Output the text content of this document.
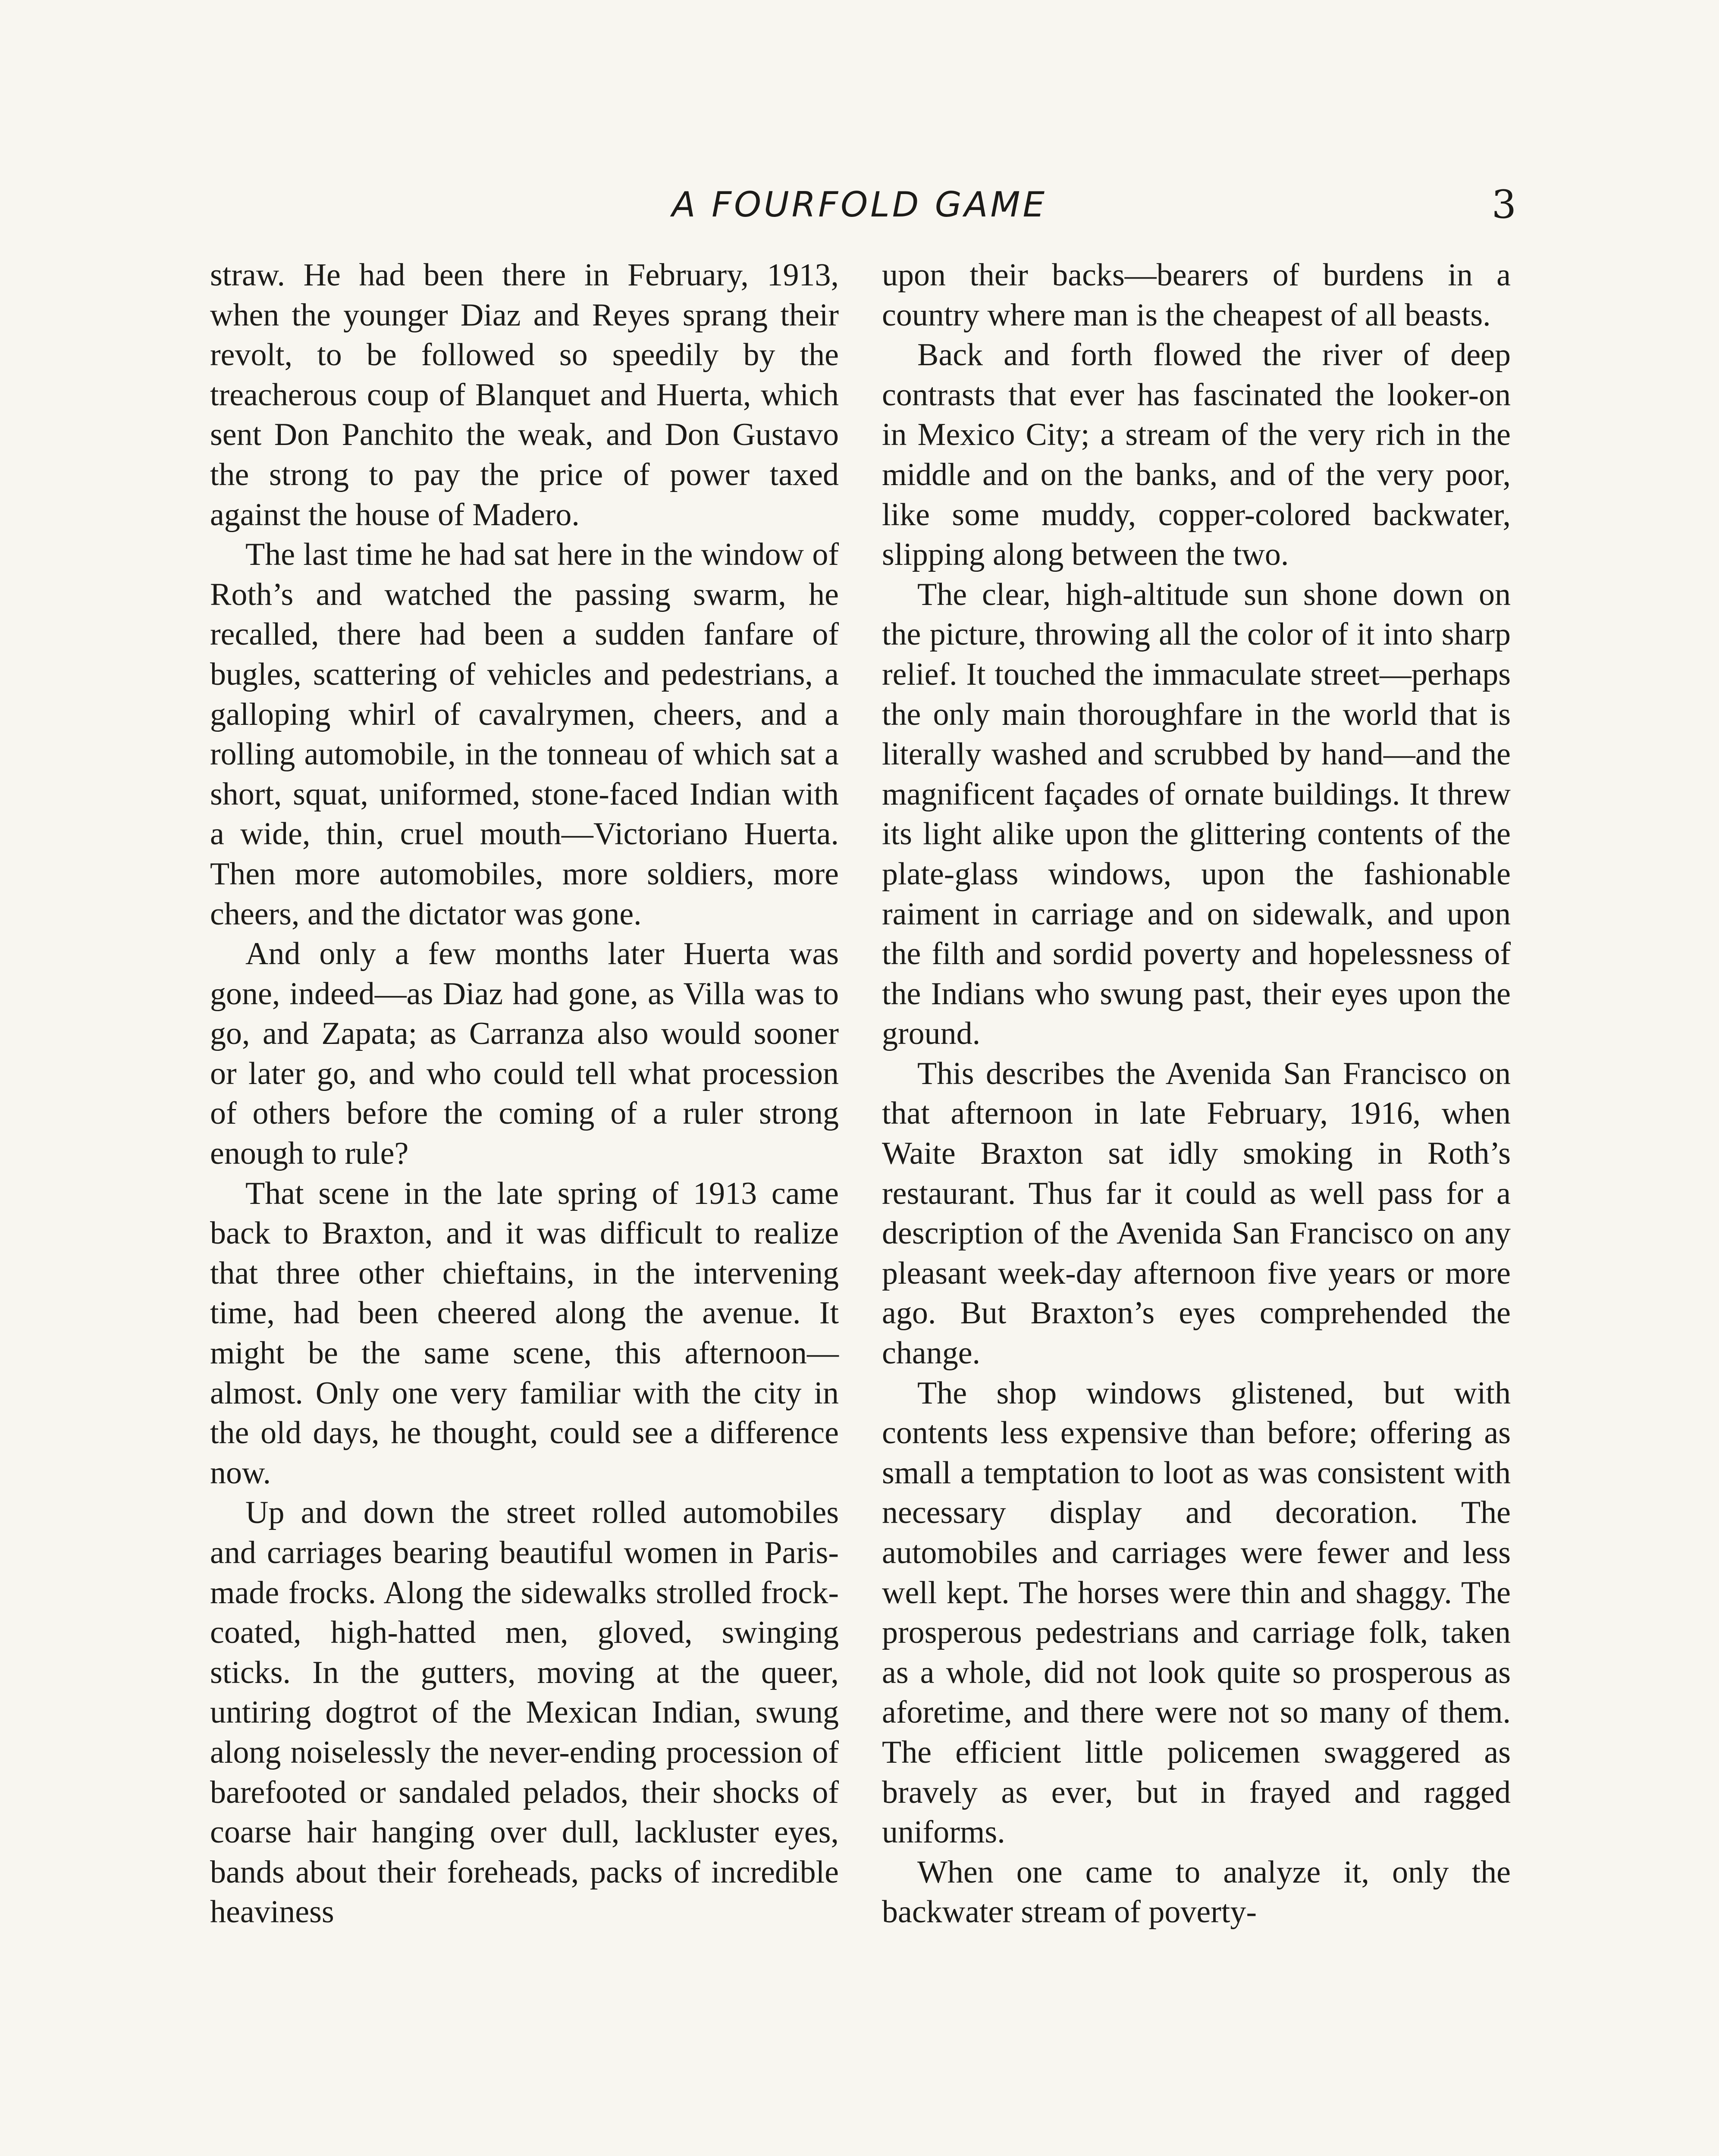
A FOURFOLD GAME	3

straw. He had been there in February, 1913, when the younger Diaz and Reyes sprang their revolt, to be followed so speedily by the treacherous coup of Blanquet and Huerta, which sent Don Panchito the weak, and Don Gustavo the strong to pay the price of power taxed against the house of Madero.

The last time he had sat here in the window of Roth’s and watched the passing swarm, he recalled, there had been a sudden fanfare of bugles, scattering of vehicles and pedestrians, a galloping whirl of cavalrymen, cheers, and a rolling automobile, in the tonneau of which sat a short, squat, uniformed, stone-faced Indian with a wide, thin, cruel mouth—Victoriano Huerta. Then more automobiles, more soldiers, more cheers, and the dictator was gone.

And only a few months later Huerta was gone, indeed—as Diaz had gone, as Villa was to go, and Zapata; as Carranza also would sooner or later go, and who could tell what procession of others before the coming of a ruler strong enough to rule?

That scene in the late spring of 1913 came back to Braxton, and it was difficult to realize that three other chieftains, in the intervening time, had been cheered along the avenue. It might be the same scene, this afternoon—almost. Only one very familiar with the city in the old days, he thought, could see a difference now.

Up and down the street rolled automobiles and carriages bearing beautiful women in Paris-made frocks. Along the sidewalks strolled frock-coated, high-hatted men, gloved, swinging sticks. In the gutters, moving at the queer, untiring dogtrot of the Mexican Indian, swung along noiselessly the never-ending procession of barefooted or sandaled pelados, their shocks of coarse hair hanging over dull, lackluster eyes, bands about their foreheads, packs of incredible heaviness

upon their backs—bearers of burdens in a country where man is the cheapest of all beasts.

Back and forth flowed the river of deep contrasts that ever has fascinated the looker-on in Mexico City; a stream of the very rich in the middle and on the banks, and of the very poor, like some muddy, copper-colored backwater, slipping along between the two.

The clear, high-altitude sun shone down on the picture, throwing all the color of it into sharp relief. It touched the immaculate street—perhaps the only main thoroughfare in the world that is literally washed and scrubbed by hand—and the magnificent façades of ornate buildings. It threw its light alike upon the glittering contents of the plate-glass windows, upon the fashionable raiment in carriage and on sidewalk, and upon the filth and sordid poverty and hopelessness of the Indians who swung past, their eyes upon the ground.

This describes the Avenida San Francisco on that afternoon in late February, 1916, when Waite Braxton sat idly smoking in Roth’s restaurant. Thus far it could as well pass for a description of the Avenida San Francisco on any pleasant week-day afternoon five years or more ago. But Braxton’s eyes comprehended the change.

The shop windows glistened, but with contents less expensive than before; offering as small a temptation to loot as was consistent with necessary display and decoration. The automobiles and carriages were fewer and less well kept. The horses were thin and shaggy. The prosperous pedestrians and carriage folk, taken as a whole, did not look quite so prosperous as aforetime, and there were not so many of them. The efficient little policemen swaggered as bravely as ever, but in frayed and ragged uniforms.

When one came to analyze it, only the backwater stream of poverty-
